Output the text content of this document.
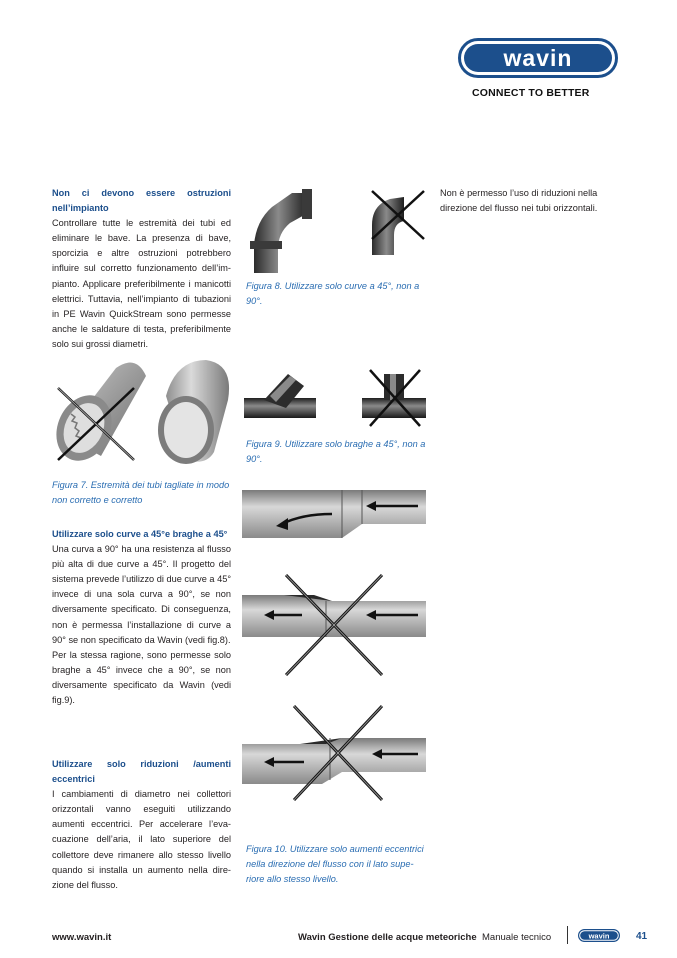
wavin
CONNECT TO BETTER

Non ci devono essere ostruzioni nell’impianto

Controllare tutte le estremità dei tubi ed eliminare le bave. La presenza di bave, sporcizia e altre ostruzioni potrebbero influire sul corretto funzionamento dell’im-pianto. Applicare preferibilmente i manicotti elettrici. Tuttavia, nell’impianto di tubazioni in PE Wavin QuickStream sono permesse anche le saldature di testa, preferibilmente solo sui grossi diametri.

Figura 7. Estremità dei tubi tagliate in modo non corretto e corretto

Utilizzare solo curve a 45°e braghe a 45°

Una curva a 90° ha una resistenza al flusso più alta di due curve a 45°. Il progetto del sistema prevede l’utilizzo di due curve a 45° invece di una sola curva a 90°, se non diversamente specificato. Di conseguenza, non è permessa l’installazione di curve a 90° se non specificato da Wavin (vedi fig.8).

Per la stessa ragione, sono permesse solo braghe a 45° invece che a 90°, se non diversamente specificato da Wavin (vedi fig.9).

Utilizzare solo riduzioni /aumenti eccentrici

I cambiamenti di diametro nei collettori orizzontali vanno eseguiti utilizzando aumenti eccentrici. Per accelerare l’eva-cuazione dell’aria, il lato superiore del collettore deve rimanere allo stesso livello quando si installa un aumento nella dire-zione del flusso.

Figura 8. Utilizzare solo curve a 45°, non a 90°.
Non è permesso l’uso di riduzioni nella direzione del flusso nei tubi orizzontali.
Figura 9. Utilizzare solo braghe a 45°, non a 90°.
Figura 10. Utilizzare solo aumenti eccentrici nella direzione del flusso con il lato supe-riore allo stesso livello.
www.wavin.it	Wavin Gestione delle acque meteoriche Manuale tecnico	wavin	41
